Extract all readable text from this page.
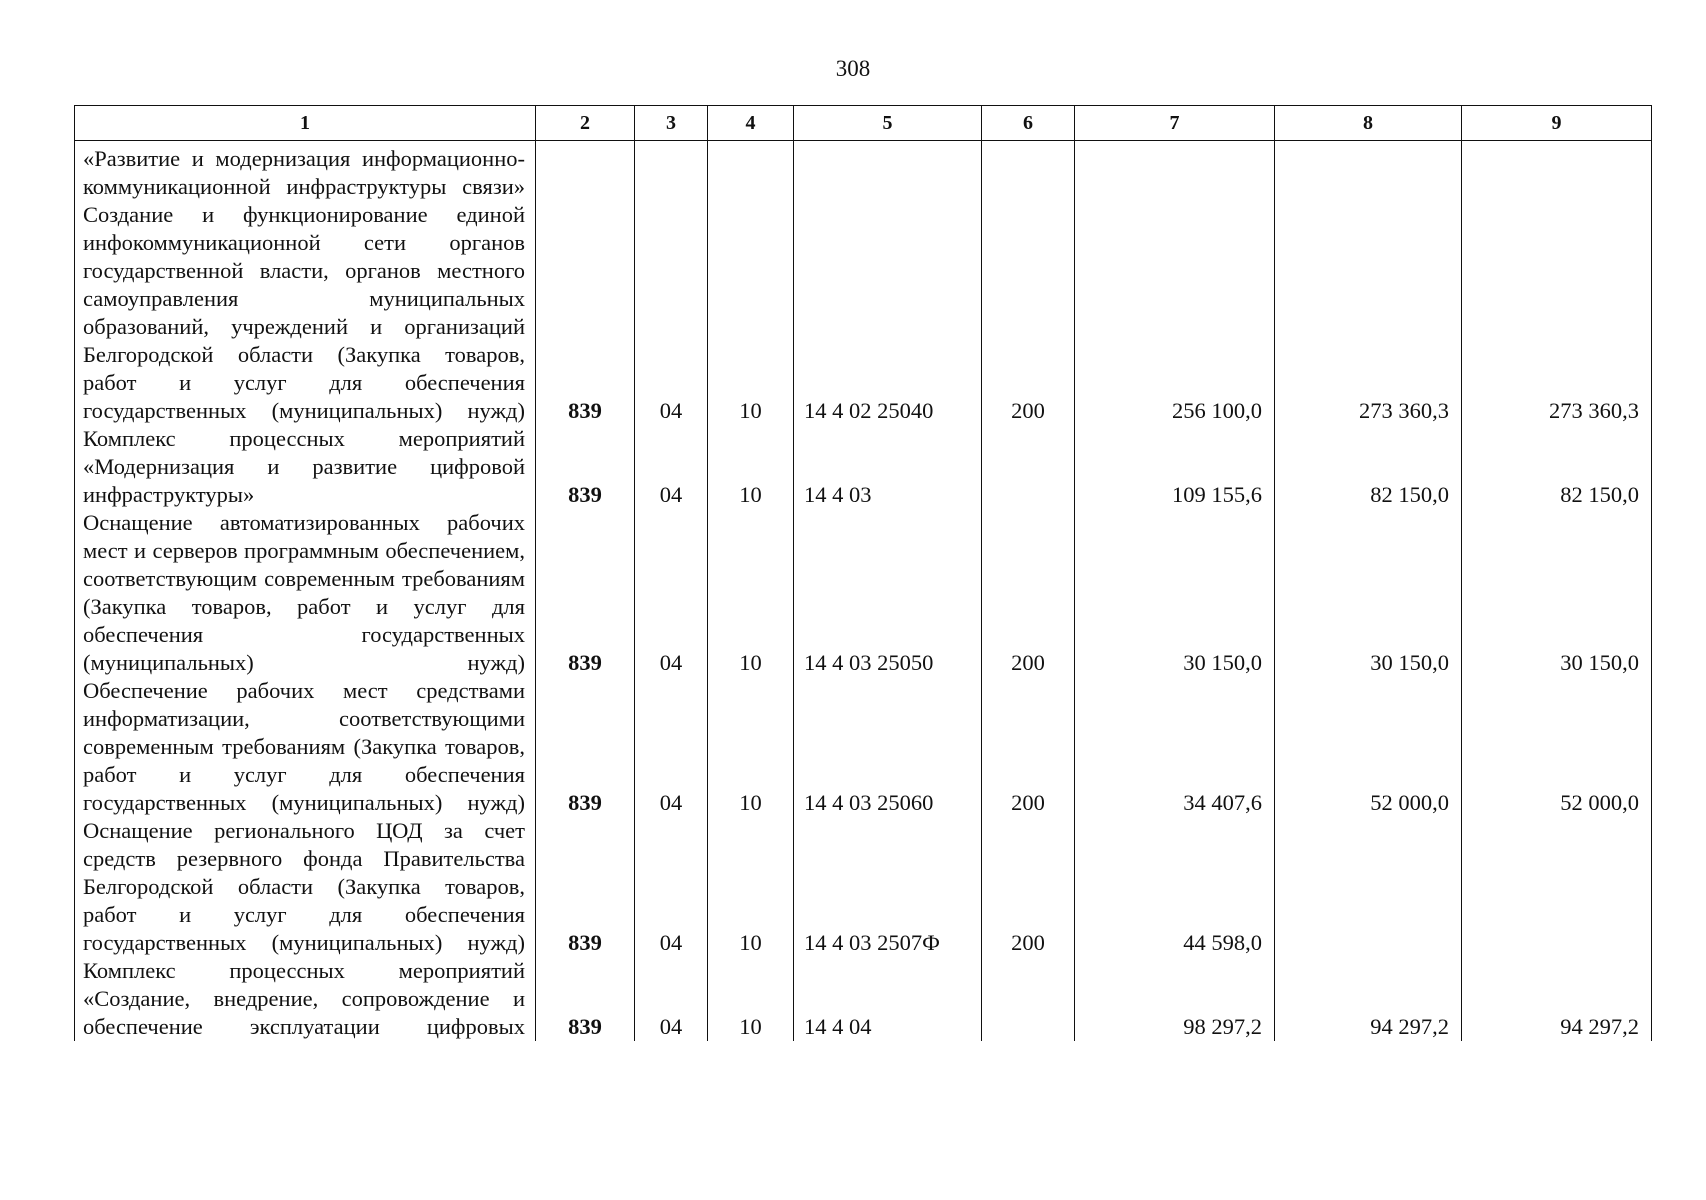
308
1	2	3	4	5	6	7	8	9
«Развитие и модернизация информационно-коммуникационной инфраструктуры связи»								
Создание и функционирование единой инфокоммуникационной сети органов государственной власти, органов местного самоуправления муниципальных образований, учреждений и организаций Белгородской области (Закупка товаров, работ и услуг для обеспечения государственных (муниципальных) нужд)	839	04	10	14 4 02 25040	200	256 100,0	273 360,3	273 360,3
Комплекс процессных мероприятий «Модернизация и развитие цифровой инфраструктуры»	839	04	10	14 4 03		109 155,6	82 150,0	82 150,0
Оснащение автоматизированных рабочих мест и серверов программным обеспечением, соответствующим современным требованиям (Закупка товаров, работ и услуг для обеспечения государственных (муниципальных) нужд)	839	04	10	14 4 03 25050	200	30 150,0	30 150,0	30 150,0
Обеспечение рабочих мест средствами информатизации, соответствующими современным требованиям (Закупка товаров, работ и услуг для обеспечения государственных (муниципальных) нужд)	839	04	10	14 4 03 25060	200	34 407,6	52 000,0	52 000,0
Оснащение регионального ЦОД за счет средств резервного фонда Правительства Белгородской области (Закупка товаров, работ и услуг для обеспечения государственных (муниципальных) нужд)	839	04	10	14 4 03 2507Ф	200	44 598,0		
Комплекс процессных мероприятий «Создание, внедрение, сопровождение и обеспечение эксплуатации цифровых	839	04	10	14 4 04		98 297,2	94 297,2	94 297,2
